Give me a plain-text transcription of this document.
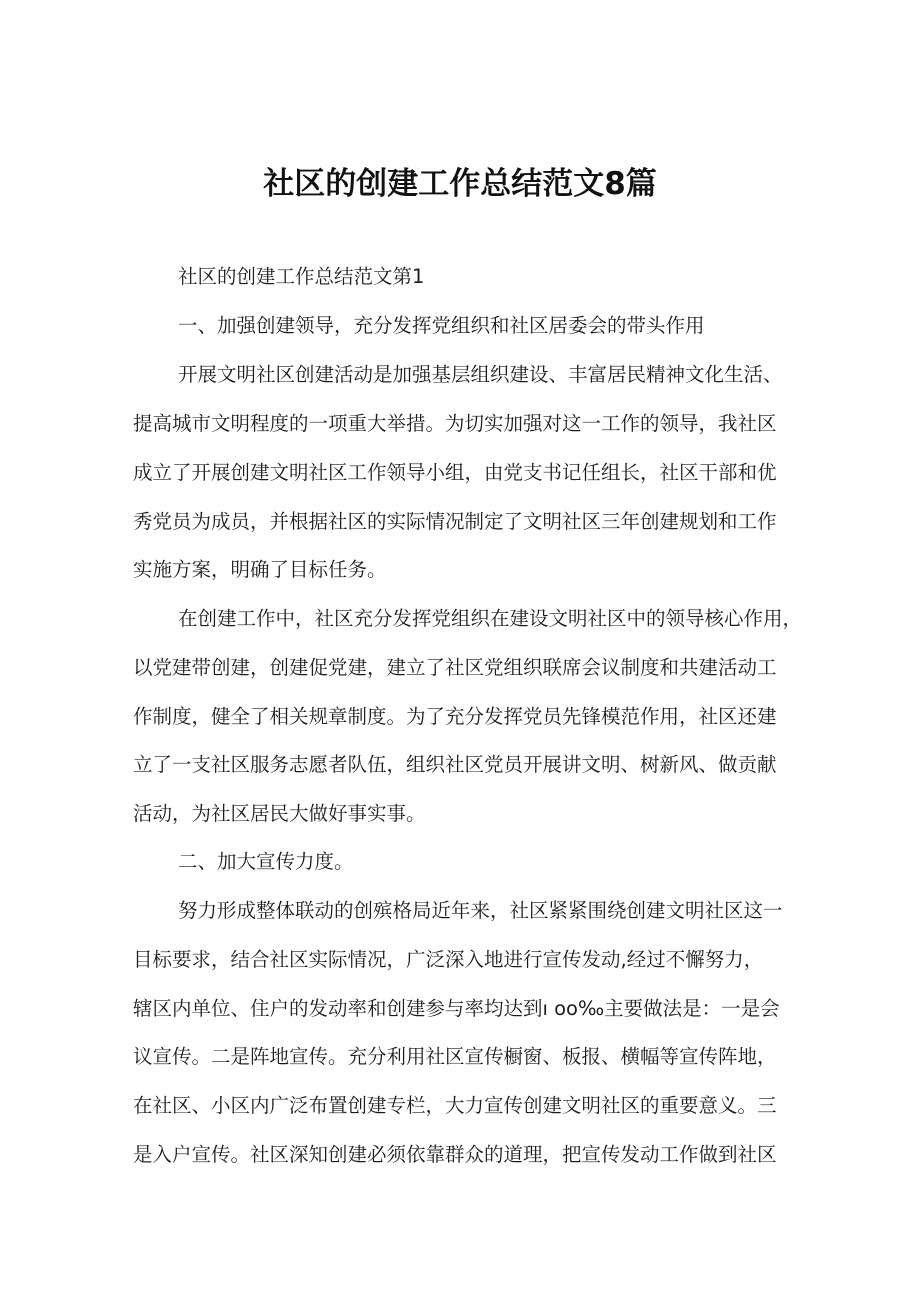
社区的创建工作总结范文8篇
社区的创建工作总结范文第1
一、加强创建领导，充分发挥党组织和社区居委会的带头作用
开展文明社区创建活动是加强基层组织建设、丰富居民精神文化生活、
提高城市文明程度的一项重大举措。为切实加强对这一工作的领导，我社区
成立了开展创建文明社区工作领导小组，由党支书记任组长，社区干部和优
秀党员为成员，并根据社区的实际情况制定了文明社区三年创建规划和工作
实施方案，明确了目标任务。
在创建工作中，社区充分发挥党组织在建设文明社区中的领导核心作用，
以党建带创建，创建促党建，建立了社区党组织联席会议制度和共建活动工
作制度，健全了相关规章制度。为了充分发挥党员先锋模范作用，社区还建
立了一支社区服务志愿者队伍，组织社区党员开展讲文明、树新风、做贡献
活动，为社区居民大做好事实事。
二、加大宣传力度。
努力形成整体联动的创殡格局近年来，社区紧紧围绕创建文明社区这一
目标要求，结合社区实际情况，广泛深入地进行宣传发动,经过不懈努力，
辖区内单位、住户的发动率和创建参与率均达到ı oo‰主要做法是：一是会
议宣传。二是阵地宣传。充分利用社区宣传橱窗、板报、横幅等宣传阵地，
在社区、小区内广泛布置创建专栏，大力宣传创建文明社区的重要意义。三
是入户宣传。社区深知创建必须依靠群众的道理，把宣传发动工作做到社区
